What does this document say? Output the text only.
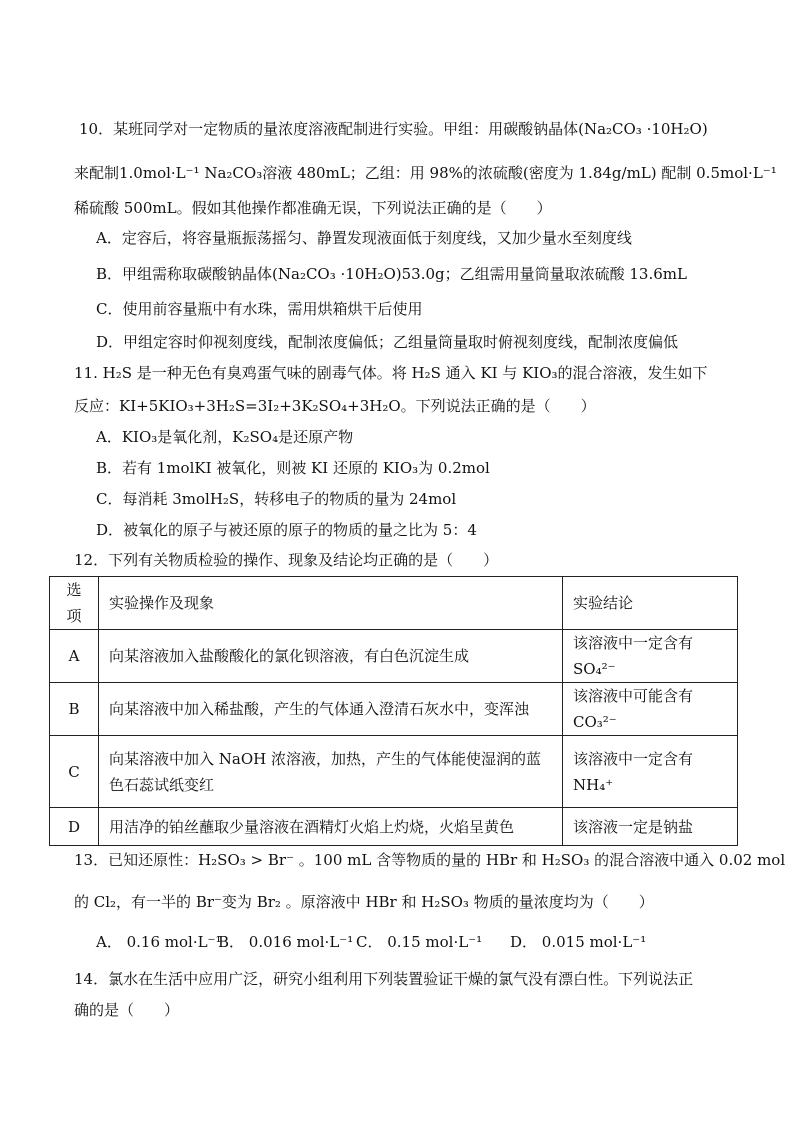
10．某班同学对一定物质的量浓度溶液配制进行实验。甲组：用碳酸钠晶体(Na₂CO₃ ·10H₂O)
来配制1.0mol·L⁻¹ Na₂CO₃溶液 480mL；乙组：用 98%的浓硫酸(密度为 1.84g/mL) 配制 0.5mol·L⁻¹
稀硫酸 500mL。假如其他操作都准确无误，下列说法正确的是（　　）
A．定容后，将容量瓶振荡摇匀、静置发现液面低于刻度线，又加少量水至刻度线
B．甲组需称取碳酸钠晶体(Na₂CO₃ ·10H₂O)53.0g；乙组需用量筒量取浓硫酸 13.6mL
C．使用前容量瓶中有水珠，需用烘箱烘干后使用
D．甲组定容时仰视刻度线，配制浓度偏低；乙组量筒量取时俯视刻度线，配制浓度偏低
11. H₂S 是一种无色有臭鸡蛋气味的剧毒气体。将 H₂S 通入 KI 与 KIO₃的混合溶液，发生如下
反应：KI+5KIO₃+3H₂S=3I₂+3K₂SO₄+3H₂O。下列说法正确的是（　　）
A．KIO₃是氧化剂，K₂SO₄是还原产物
B．若有 1molKI 被氧化，则被 KI 还原的 KIO₃为 0.2mol
C．每消耗 3molH₂S，转移电子的物质的量为 24mol
D．被氧化的原子与被还原的原子的物质的量之比为 5：4
12．下列有关物质检验的操作、现象及结论均正确的是（　　）
选项	实验操作及现象	实验结论
A	向某溶液加入盐酸酸化的氯化钡溶液，有白色沉淀生成	该溶液中一定含有SO₄²⁻
B	向某溶液中加入稀盐酸，产生的气体通入澄清石灰水中，变浑浊	该溶液中可能含有CO₃²⁻
C	向某溶液中加入 NaOH 浓溶液，加热，产生的气体能使湿润的蓝色石蕊试纸变红	该溶液中一定含有NH₄⁺
D	用洁净的铂丝蘸取少量溶液在酒精灯火焰上灼烧，火焰呈黄色	该溶液一定是钠盐
13．已知还原性：H₂SO₃ > Br⁻ 。100 mL 含等物质的量的 HBr 和 H₂SO₃ 的混合溶液中通入 0.02 mol
的 Cl₂，有一半的 Br⁻变为 Br₂ 。原溶液中 HBr 和 H₂SO₃ 物质的量浓度均为（　　）
A． 0.16 mol·L⁻¹
B． 0.016 mol·L⁻¹ C． 0.15 mol·L⁻¹ D． 0.015 mol·L⁻¹
14．氯水在生活中应用广泛，研究小组利用下列装置验证干燥的氯气没有漂白性。下列说法正
确的是（　　）
